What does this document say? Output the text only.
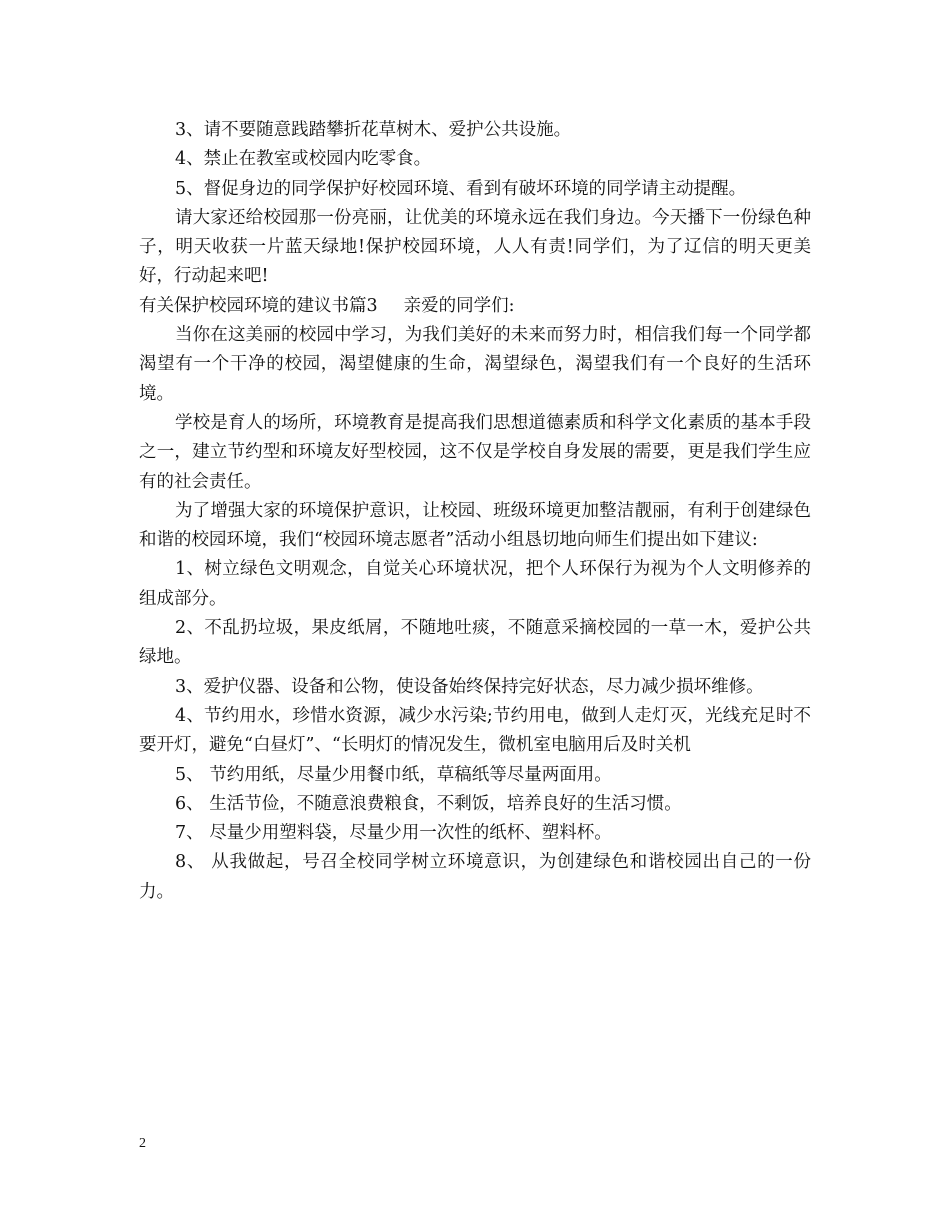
3、请不要随意践踏攀折花草树木、爱护公共设施。

4、禁止在教室或校园内吃零食。

5、督促身边的同学保护好校园环境、看到有破坏环境的同学请主动提醒。

请大家还给校园那一份亮丽，让优美的环境永远在我们身边。今天播下一份绿色种子，明天收获一片蓝天绿地!保护校园环境，人人有责!同学们，为了辽信的明天更美好，行动起来吧!

有关保护校园环境的建议书篇3 亲爱的同学们:

当你在这美丽的校园中学习，为我们美好的未来而努力时，相信我们每一个同学都渴望有一个干净的校园，渴望健康的生命，渴望绿色，渴望我们有一个良好的生活环境。

学校是育人的场所，环境教育是提高我们思想道德素质和科学文化素质的基本手段之一，建立节约型和环境友好型校园，这不仅是学校自身发展的需要，更是我们学生应有的社会责任。

为了增强大家的环境保护意识，让校园、班级环境更加整洁靓丽，有利于创建绿色和谐的校园环境，我们“校园环境志愿者”活动小组恳切地向师生们提出如下建议:

1、树立绿色文明观念，自觉关心环境状况，把个人环保行为视为个人文明修养的组成部分。

2、不乱扔垃圾，果皮纸屑，不随地吐痰，不随意采摘校园的一草一木，爱护公共绿地。

3、爱护仪器、设备和公物，使设备始终保持完好状态，尽力减少损坏维修。

4、节约用水，珍惜水资源，减少水污染;节约用电，做到人走灯灭，光线充足时不要开灯，避免“白昼灯”、“长明灯的情况发生，微机室电脑用后及时关机

5、 节约用纸，尽量少用餐巾纸，草稿纸等尽量两面用。

6、 生活节俭，不随意浪费粮食，不剩饭，培养良好的生活习惯。

7、 尽量少用塑料袋，尽量少用一次性的纸杯、塑料杯。

8、 从我做起，号召全校同学树立环境意识，为创建绿色和谐校园出自己的一份力。

2
